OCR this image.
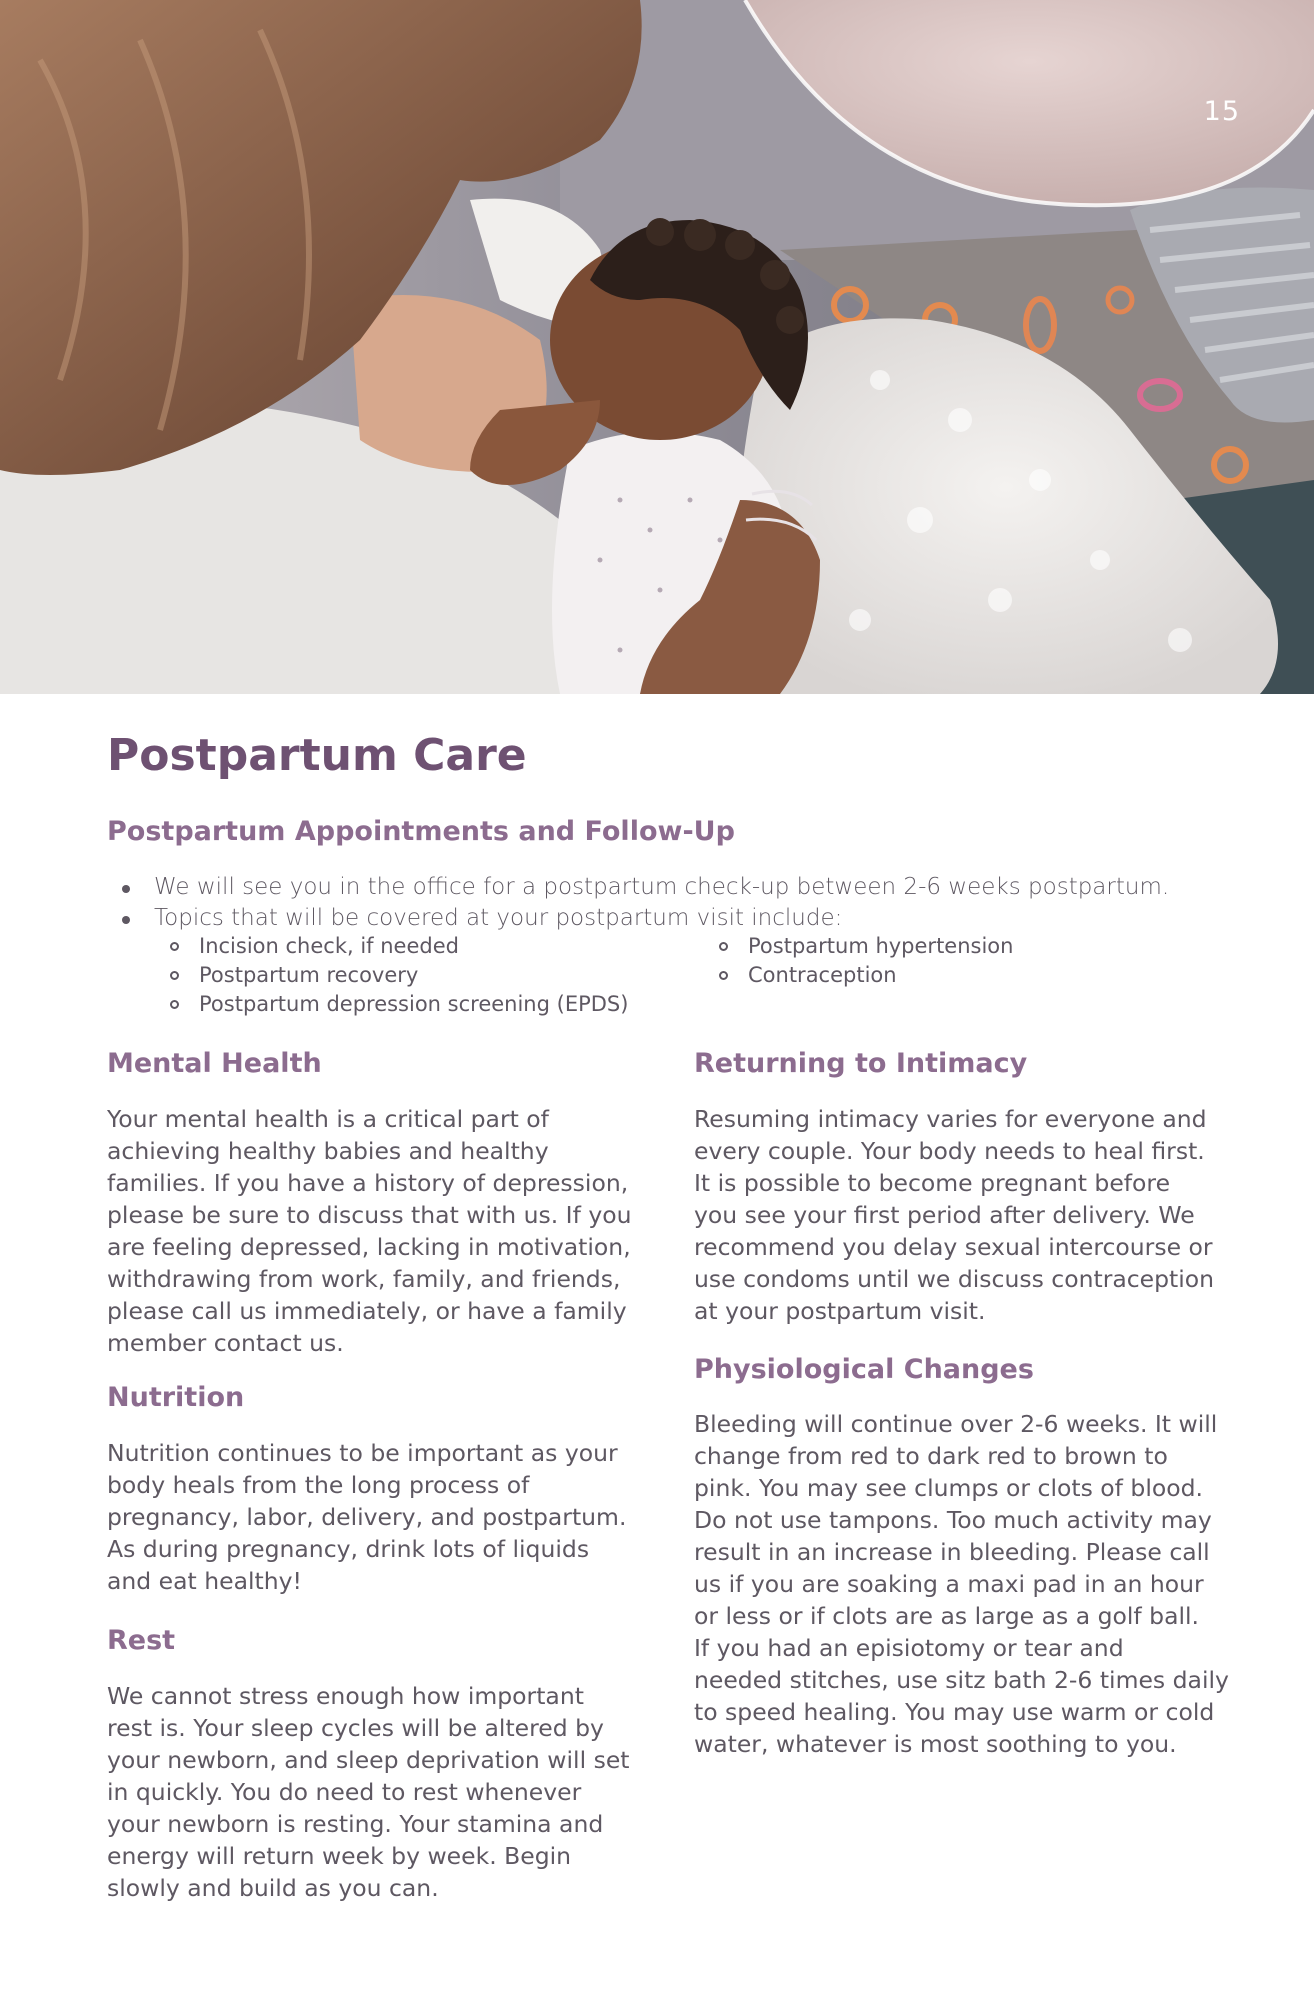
15
Postpartum Care
Postpartum Appointments and Follow-Up
We will see you in the office for a postpartum check-up between 2-6 weeks postpartum.
Topics that will be covered at your postpartum visit include:
Incision check, if needed
Postpartum recovery
Postpartum depression screening (EPDS)
Postpartum hypertension
Contraception
Mental Health
Your mental health is a critical part of
achieving healthy babies and healthy
families. If you have a history of depression,
please be sure to discuss that with us. If you
are feeling depressed, lacking in motivation,
withdrawing from work, family, and friends,
please call us immediately, or have a family
member contact us.
Nutrition
Nutrition continues to be important as your
body heals from the long process of
pregnancy, labor, delivery, and postpartum.
As during pregnancy, drink lots of liquids
and eat healthy!
Rest
We cannot stress enough how important
rest is. Your sleep cycles will be altered by
your newborn, and sleep deprivation will set
in quickly. You do need to rest whenever
your newborn is resting. Your stamina and
energy will return week by week. Begin
slowly and build as you can.
Returning to Intimacy
Resuming intimacy varies for everyone and
every couple. Your body needs to heal first.
It is possible to become pregnant before
you see your first period after delivery. We
recommend you delay sexual intercourse or
use condoms until we discuss contraception
at your postpartum visit.
Physiological Changes
Bleeding will continue over 2-6 weeks. It will
change from red to dark red to brown to
pink. You may see clumps or clots of blood.
Do not use tampons. Too much activity may
result in an increase in bleeding. Please call
us if you are soaking a maxi pad in an hour
or less or if clots are as large as a golf ball.
If you had an episiotomy or tear and
needed stitches, use sitz bath 2-6 times daily
to speed healing. You may use warm or cold
water, whatever is most soothing to you.
